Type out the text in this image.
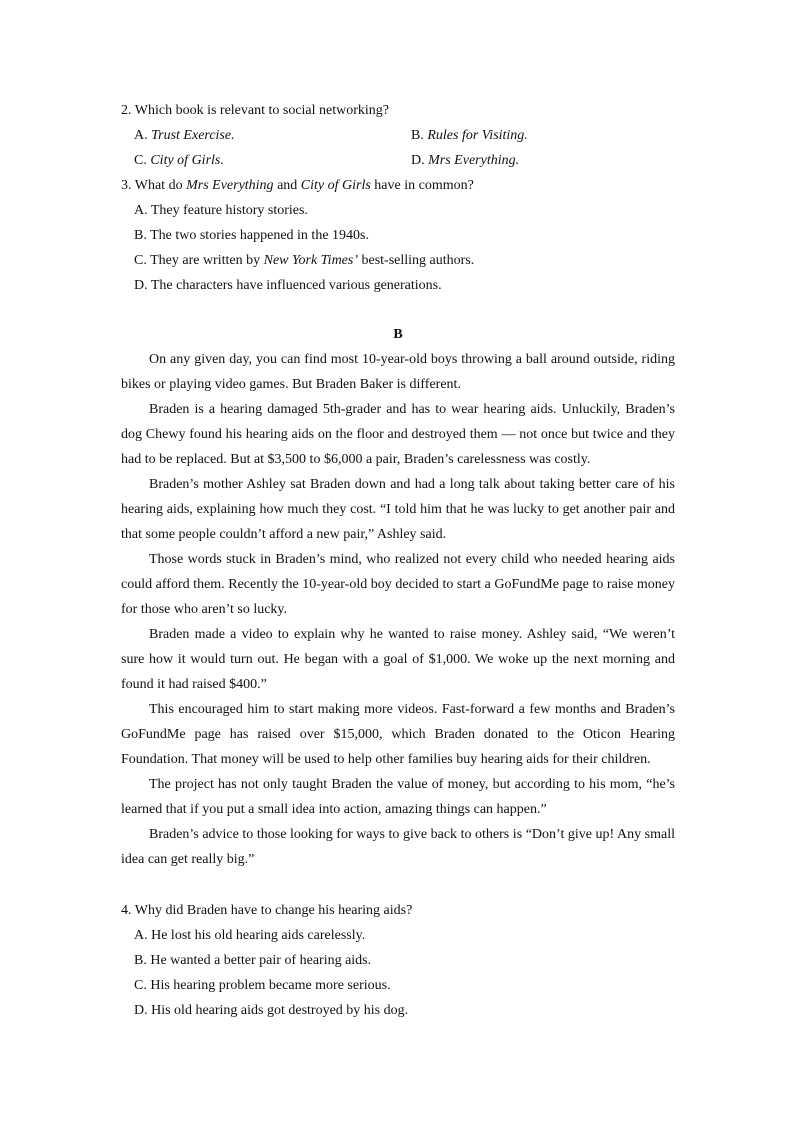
2. Which book is relevant to social networking?
A. Trust Exercise.	B. Rules for Visiting.
C. City of Girls.	D. Mrs Everything.
3. What do Mrs Everything and City of Girls have in common?
A. They feature history stories.
B. The two stories happened in the 1940s.
C. They are written by New York Times’ best-selling authors.
D. The characters have influenced various generations.
B

On any given day, you can find most 10-year-old boys throwing a ball around outside, riding bikes or playing video games. But Braden Baker is different.

Braden is a hearing damaged 5th-grader and has to wear hearing aids. Unluckily, Braden’s dog Chewy found his hearing aids on the floor and destroyed them — not once but twice and they had to be replaced. But at $3,500 to $6,000 a pair, Braden’s carelessness was costly.

Braden’s mother Ashley sat Braden down and had a long talk about taking better care of his hearing aids, explaining how much they cost. “I told him that he was lucky to get another pair and that some people couldn’t afford a new pair,” Ashley said.

Those words stuck in Braden’s mind, who realized not every child who needed hearing aids could afford them. Recently the 10-year-old boy decided to start a GoFundMe page to raise money for those who aren’t so lucky.

Braden made a video to explain why he wanted to raise money. Ashley said, “We weren’t sure how it would turn out. He began with a goal of $1,000. We woke up the next morning and found it had raised $400.”

This encouraged him to start making more videos. Fast-forward a few months and Braden’s GoFundMe page has raised over $15,000, which Braden donated to the Oticon Hearing Foundation. That money will be used to help other families buy hearing aids for their children.

The project has not only taught Braden the value of money, but according to his mom, “he’s learned that if you put a small idea into action, amazing things can happen.”

Braden’s advice to those looking for ways to give back to others is “Don’t give up! Any small idea can get really big.”

4. Why did Braden have to change his hearing aids?
A. He lost his old hearing aids carelessly.
B. He wanted a better pair of hearing aids.
C. His hearing problem became more serious.
D. His old hearing aids got destroyed by his dog.
